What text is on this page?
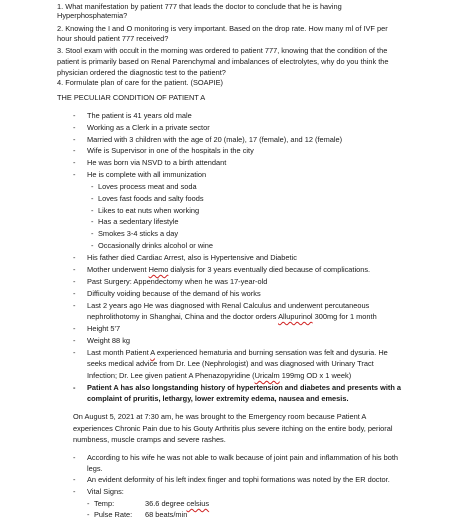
1. What manifestation by patient 777 that leads the doctor to conclude that he is having
Hyperphosphatemia?
2. Knowing the I and O monitoring is very important. Based on the drop rate. How many ml of IVF per
hour should patient 777 received?
3. Stool exam with occult in the morning was ordered to patient 777, knowing that the condition of the
patient is primarily based on Renal Parenchymal and imbalances of electrolytes, why do you think the
physician ordered the diagnostic test to the patient?
4. Formulate plan of care for the patient. (SOAPIE)
THE PECULIAR CONDITION OF PATIENT A
- The patient is 41 years old male
- Working as a Clerk in a private sector
- Married with 3 children with the age of 20 (male), 17 (female), and 12 (female)
- Wife is Supervisor in one of the hospitals in the city
- He was born via NSVD to a birth attendant
- He is complete with all immunization
- Loves process meat and soda
- Loves fast foods and salty foods
- Likes to eat nuts when working
- Has a sedentary lifestyle
- Smokes 3-4 sticks a day
- Occasionally drinks alcohol or wine
- His father died Cardiac Arrest, also is Hypertensive and Diabetic
- Mother underwent Hemo dialysis for 3 years eventually died because of complications.
- Past Surgery: Appendectomy when he was 17-year-old
- Difficulty voiding because of the demand of his works
- Last 2 years ago He was diagnosed with Renal Calculus and underwent percutaneous
nephrolithotomy in Shanghai, China and the doctor orders Allupurinol 300mg for 1 month
- Height 5'7
- Weight 88 kg
- Last month Patient A experienced hematuria and burning sensation was felt and dysuria. He
seeks medical advice from Dr. Lee (Nephrologist) and was diagnosed with Urinary Tract
Infection; Dr. Lee given patient A Phenazopyridine (Uricalm 199mg OD x 1 week)
- Patient A has also longstanding history of hypertension and diabetes and presents with a
complaint of pruritis, lethargy, lower extremity edema, nausea and emesis.
On August 5, 2021 at 7:30 am, he was brought to the Emergency room because Patient A
experiences Chronic Pain due to his Gouty Arthritis plus severe itching on the entire body, perioral
numbness, muscle cramps and severe rashes.
- According to his wife he was not able to walk because of joint pain and inflammation of his both
legs.
- An evident deformity of his left index finger and tophi formations was noted by the ER doctor.
- Vital Signs:
- Temp:	36.6 degree celsius
- Pulse Rate: 68 beats/min
